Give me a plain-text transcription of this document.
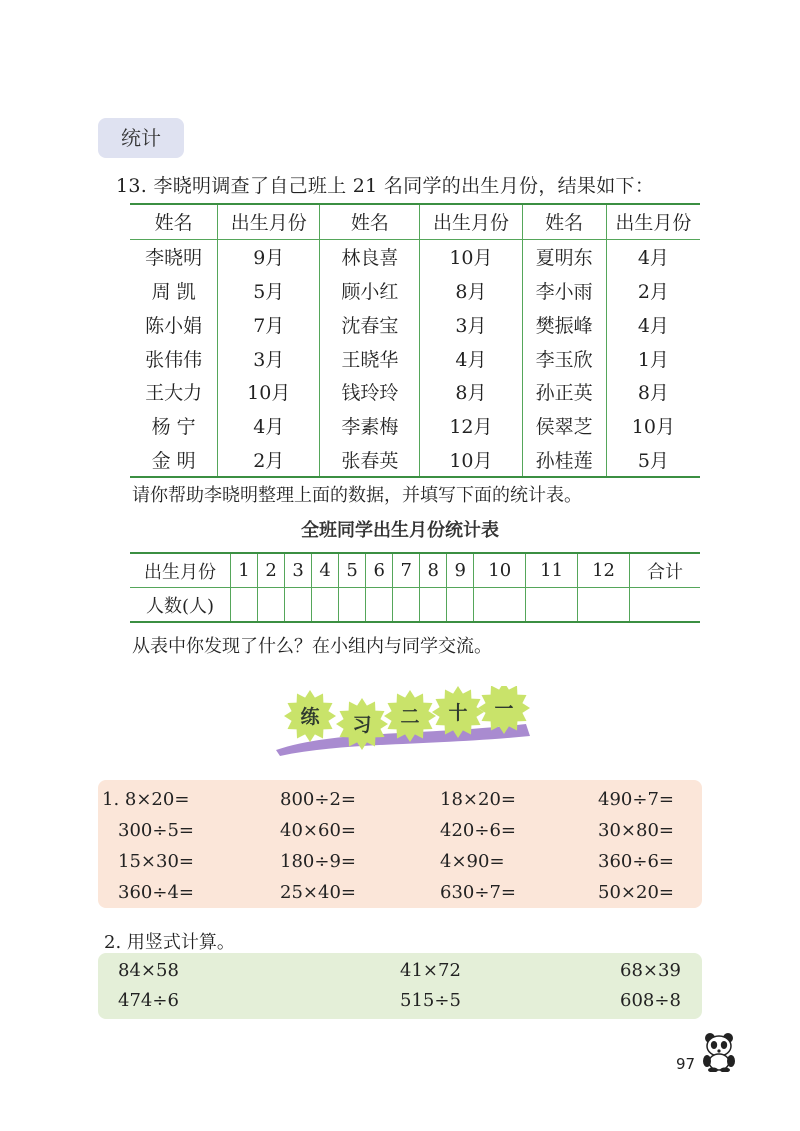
统计
13. 李晓明调查了自己班上 21 名同学的出生月份，结果如下：
姓名	出生月份	姓名	出生月份	姓名	出生月份
李晓明	9月	林良喜	10月	夏明东	4月
周 凯	5月	顾小红	8月	李小雨	2月
陈小娟	7月	沈春宝	3月	樊振峰	4月
张伟伟	3月	王晓华	4月	李玉欣	1月
王大力	10月	钱玲玲	8月	孙正英	8月
杨 宁	4月	李素梅	12月	侯翠芝	10月
金 明	2月	张春英	10月	孙桂莲	5月
请你帮助李晓明整理上面的数据，并填写下面的统计表。
全班同学出生月份统计表
出生月份	1	2	3	4	5	6	7	8	9	10	11	12	合计
人数(人)													
从表中你发现了什么？在小组内与同学交流。
练 习 二 十 一
1. 8×20=	800÷2=	18×20=	490÷7=
300÷5=	40×60=	420÷6=	30×80=
15×30=	180÷9=	4×90=	360÷6=
360÷4=	25×40=	630÷7=	50×20=
2. 用竖式计算。
84×58	41×72	68×39
474÷6	515÷5	608÷8
97
